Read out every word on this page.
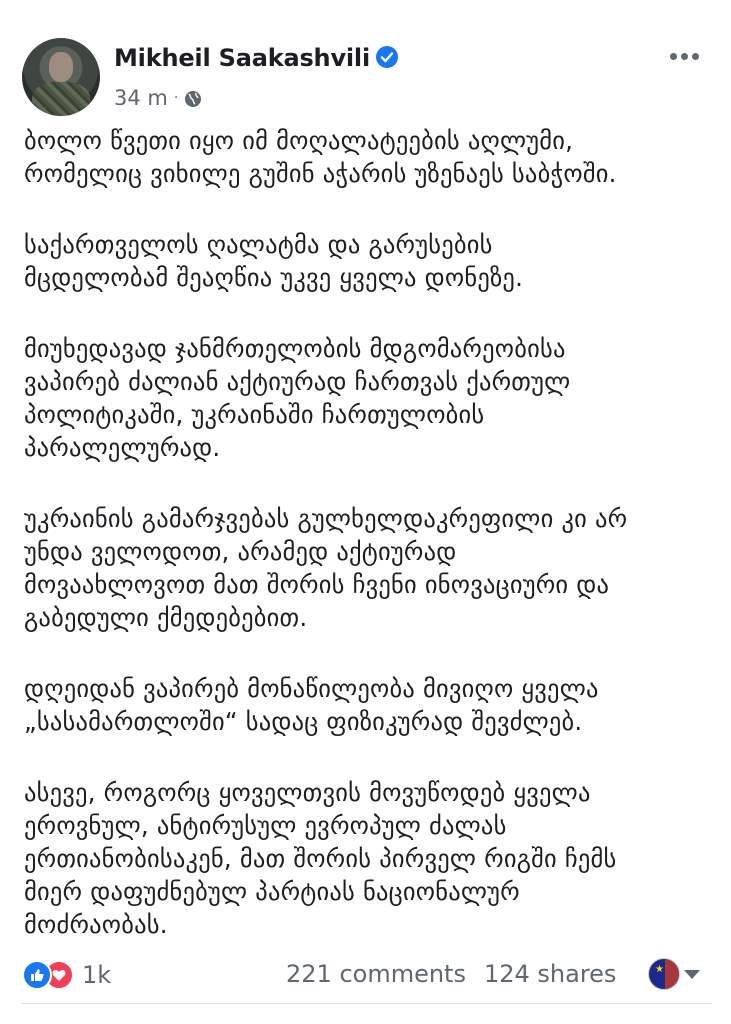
Mikheil Saakashvili
34 m ·

ბოლო წვეთი იყო იმ მოღალატეების აღლუმი,
რომელიც ვიხილე გუშინ აჭარის უზენაეს საბჭოში.

საქართველოს ღალატმა და გარუსების
მცდელობამ შეაღწია უკვე ყველა დონეზე.

მიუხედავად ჯანმრთელობის მდგომარეობისა
ვაპირებ ძალიან აქტიურად ჩართვას ქართულ
პოლიტიკაში, უკრაინაში ჩართულობის
პარალელურად.

უკრაინის გამარჯვებას გულხელდაკრეფილი კი არ
უნდა ველოდოთ, არამედ აქტიურად
მოვაახლოვოთ მათ შორის ჩვენი ინოვაციური და
გაბედული ქმედებებით.

დღეიდან ვაპირებ მონაწილეობა მივიღო ყველა
„სასამართლოში“ სადაც ფიზიკურად შევძლებ.

ასევე, როგორც ყოველთვის მოვუწოდებ ყველა
ეროვნულ, ანტირუსულ ევროპულ ძალას
ერთიანობისაკენ, მათ შორის პირველ რიგში ჩემს
მიერ დაფუძნებულ პარტიას ნაციონალურ
მოძრაობას.

1k	221 comments 124 shares	★
